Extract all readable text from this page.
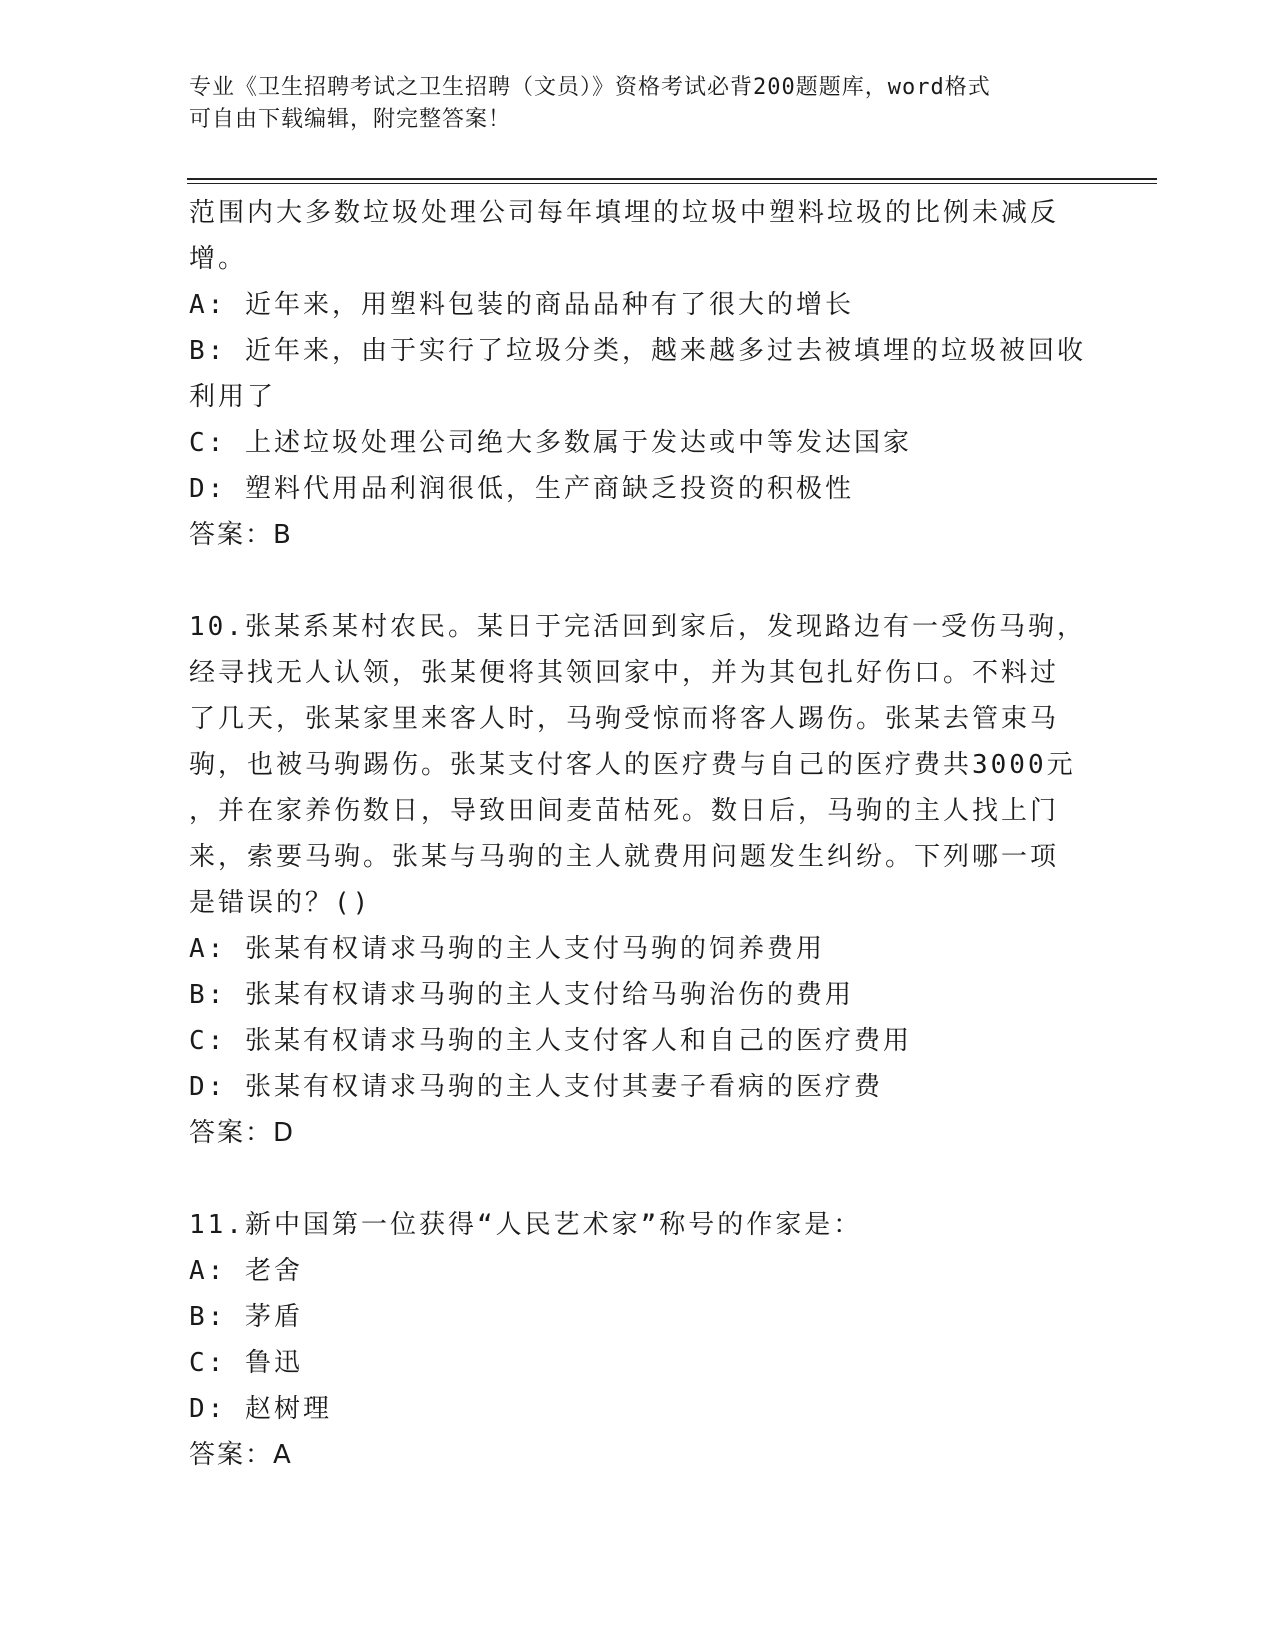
专业《卫生招聘考试之卫生招聘（文员）》资格考试必背200题题库，word格式

可自由下载编辑，附完整答案！

范围内大多数垃圾处理公司每年填埋的垃圾中塑料垃圾的比例未减反
增。
A: 近年来，用塑料包装的商品品种有了很大的增长
B: 近年来，由于实行了垃圾分类，越来越多过去被填埋的垃圾被回收
利用了
C: 上述垃圾处理公司绝大多数属于发达或中等发达国家
D: 塑料代用品利润很低，生产商缺乏投资的积极性
答案：B
10.张某系某村农民。某日于完活回到家后，发现路边有一受伤马驹，
经寻找无人认领，张某便将其领回家中，并为其包扎好伤口。不料过
了几天，张某家里来客人时，马驹受惊而将客人踢伤。张某去管束马
驹，也被马驹踢伤。张某支付客人的医疗费与自己的医疗费共3000元
，并在家养伤数日，导致田间麦苗枯死。数日后，马驹的主人找上门
来，索要马驹。张某与马驹的主人就费用问题发生纠纷。下列哪一项
是错误的？()
A: 张某有权请求马驹的主人支付马驹的饲养费用
B: 张某有权请求马驹的主人支付给马驹治伤的费用
C: 张某有权请求马驹的主人支付客人和自己的医疗费用
D: 张某有权请求马驹的主人支付其妻子看病的医疗费
答案：D
11.新中国第一位获得“人民艺术家”称号的作家是：
A: 老舍
B: 茅盾
C: 鲁迅
D: 赵树理
答案：A
